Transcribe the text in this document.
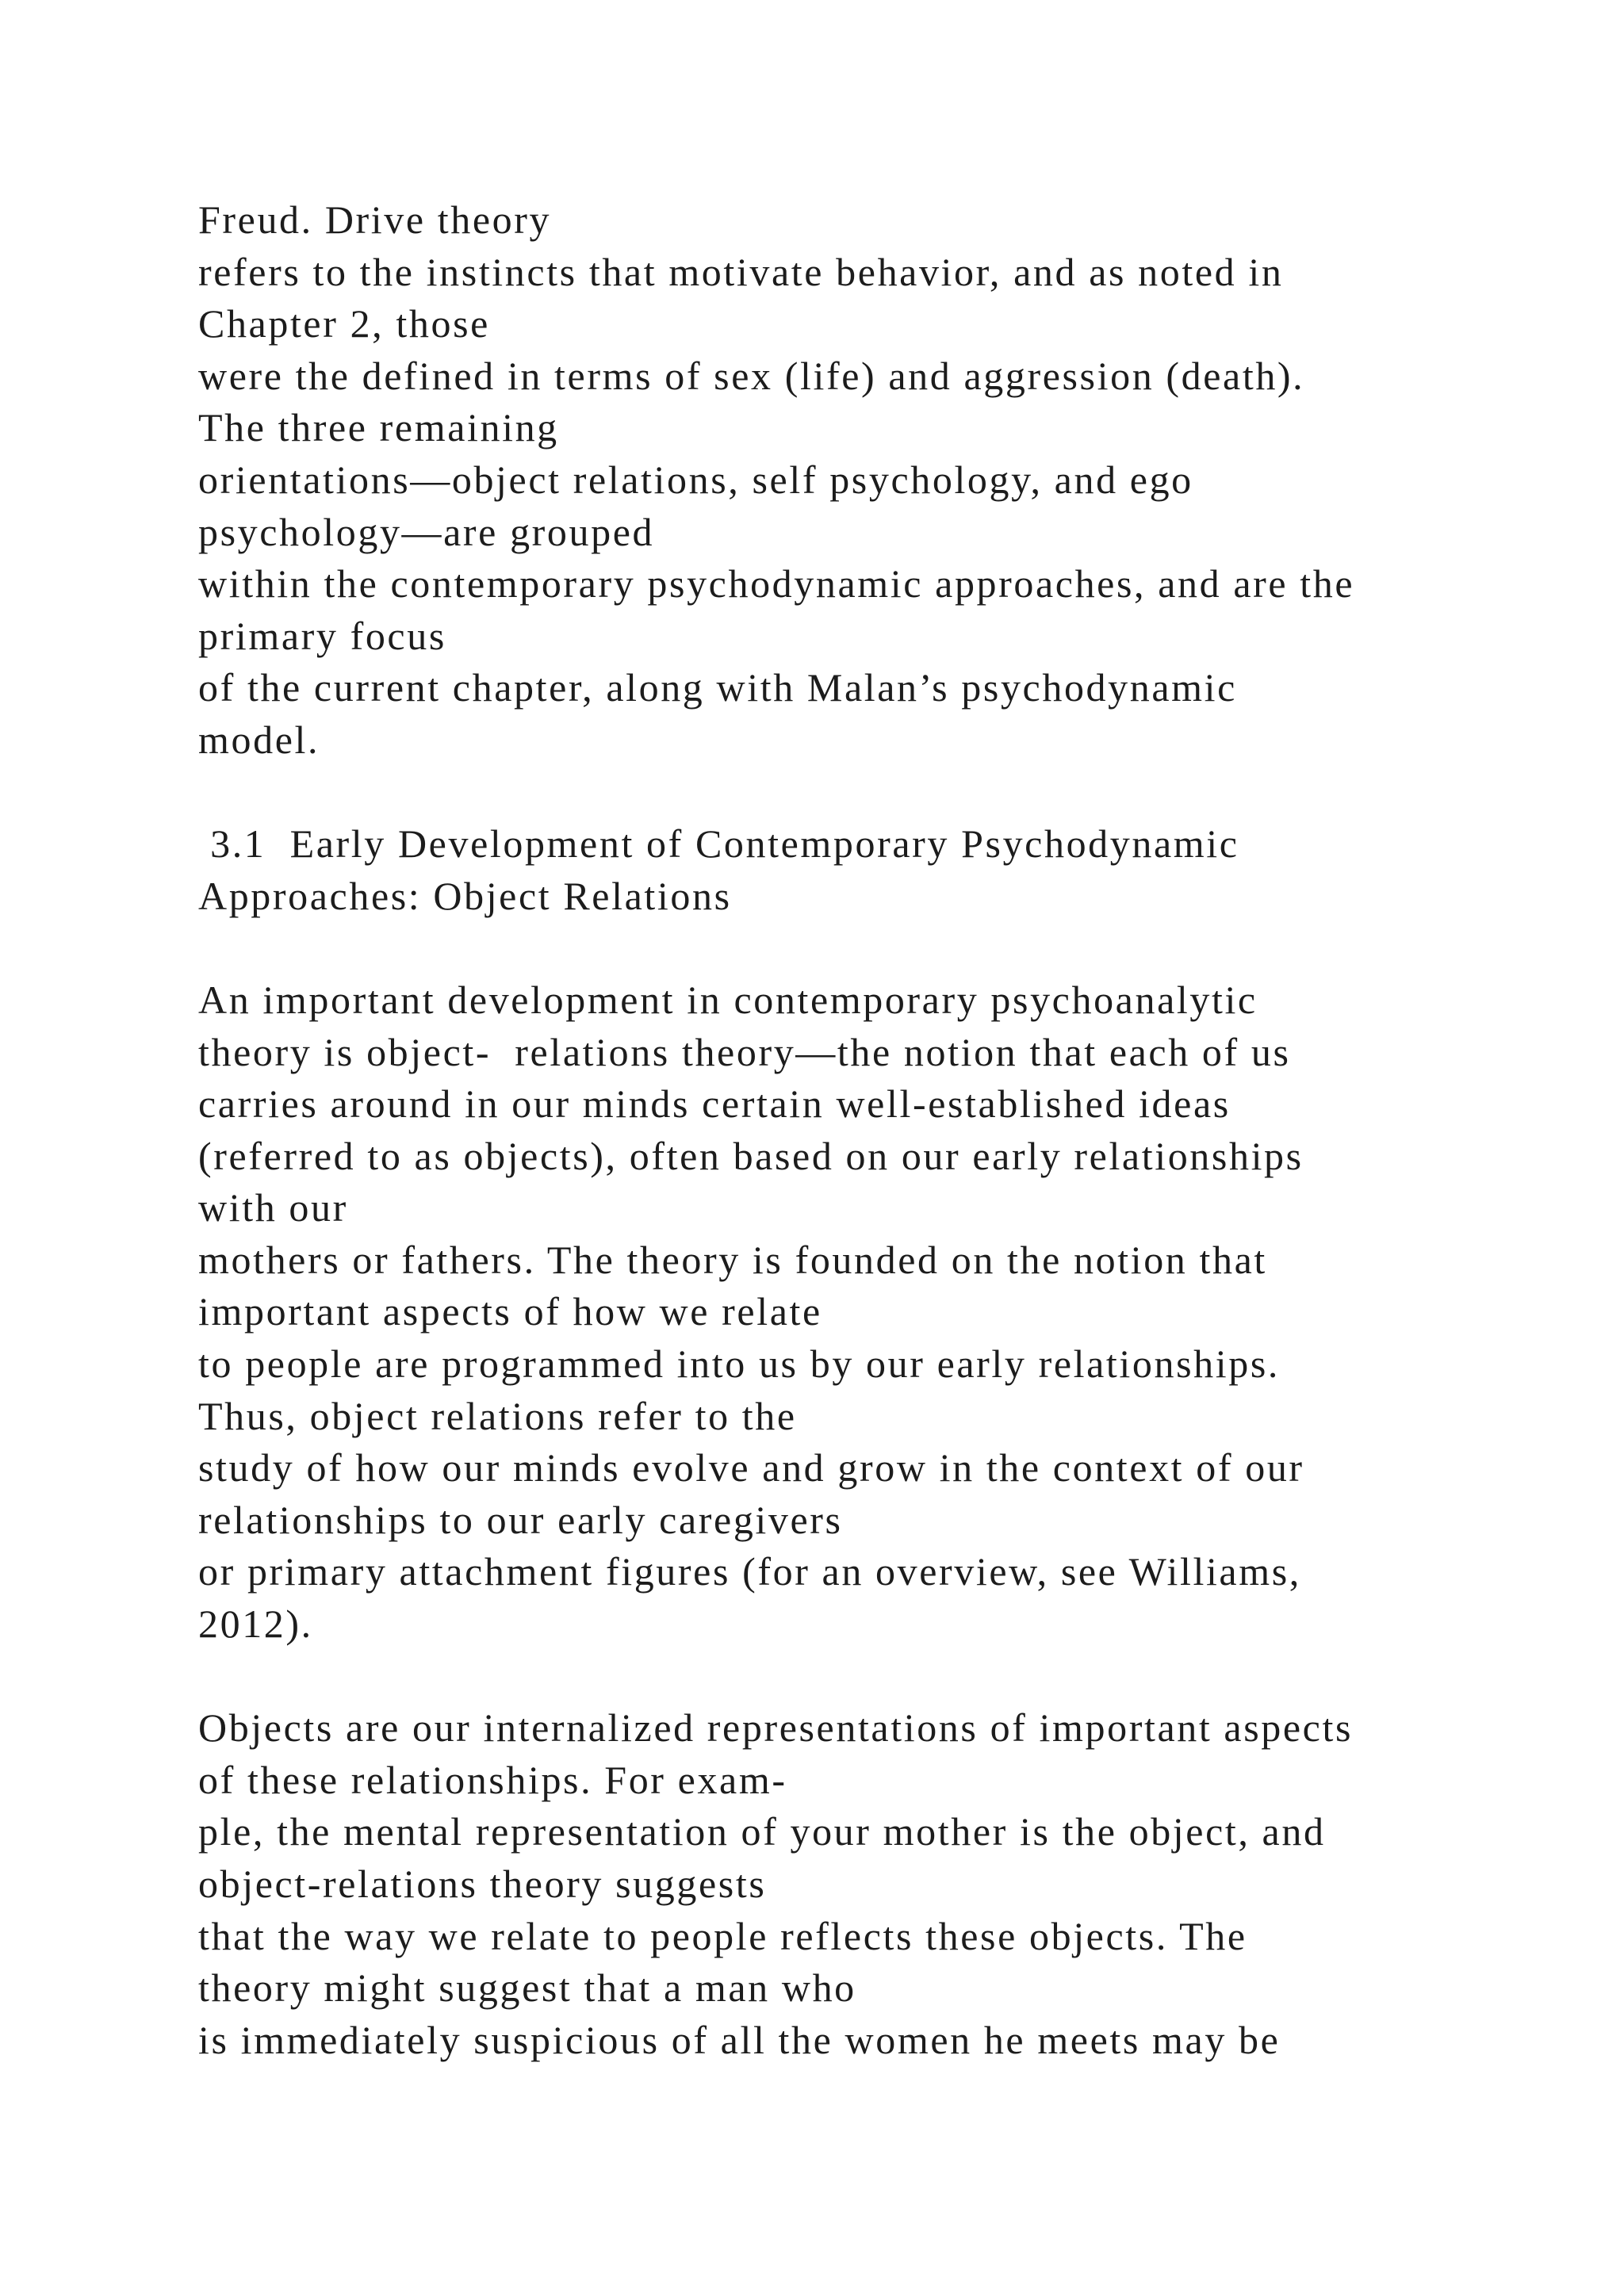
Freud. Drive theory
refers to the instincts that motivate behavior, and as noted in
Chapter 2, those
were the defined in terms of sex (life) and aggression (death).
The three remaining
orientations—object relations, self psychology, and ego
psychology—are grouped
within the contemporary psychodynamic approaches, and are the
primary focus
of the current chapter, along with Malan’s psychodynamic
model.
3.1  Early Development of Contemporary Psychodynamic
Approaches: Object Relations
An important development in contemporary psychoanalytic
theory is object-  relations theory—the notion that each of us
carries around in our minds certain well-established ideas
(referred to as objects), often based on our early relationships
with our
mothers or fathers. The theory is founded on the notion that
important aspects of how we relate
to people are programmed into us by our early relationships.
Thus, object relations refer to the
study of how our minds evolve and grow in the context of our
relationships to our early caregivers
or primary attachment figures (for an overview, see Williams,
2012).
Objects are our internalized representations of important aspects
of these relationships. For exam-
ple, the mental representation of your mother is the object, and
object-relations theory suggests
that the way we relate to people reflects these objects. The
theory might suggest that a man who
is immediately suspicious of all the women he meets may be
